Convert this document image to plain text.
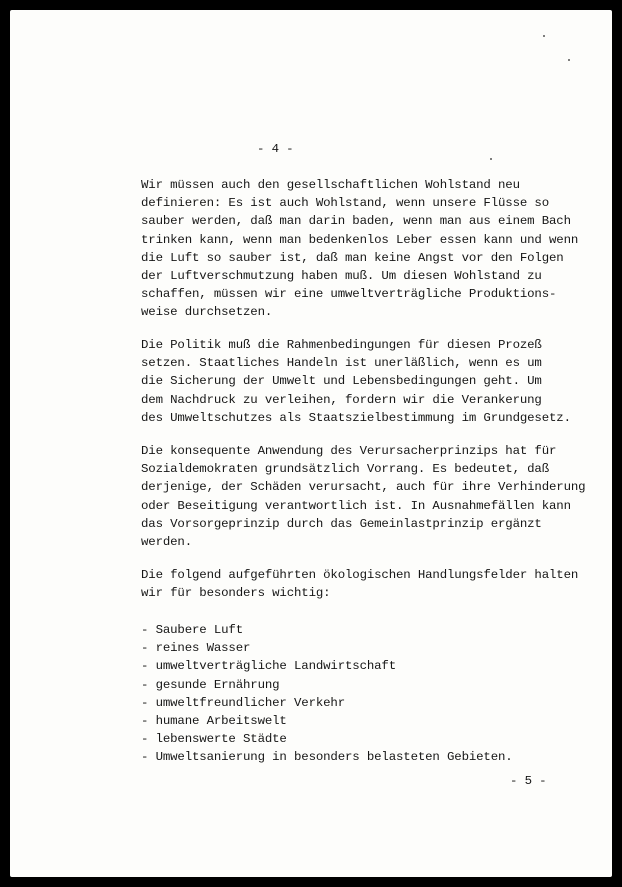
- 4 -

Wir müssen auch den gesellschaftlichen Wohlstand neu
definieren: Es ist auch Wohlstand, wenn unsere Flüsse so
sauber werden, daß man darin baden, wenn man aus einem Bach
trinken kann, wenn man bedenkenlos Leber essen kann und wenn
die Luft so sauber ist, daß man keine Angst vor den Folgen
der Luftverschmutzung haben muß. Um diesen Wohlstand zu
schaffen, müssen wir eine umweltverträgliche Produktions-
weise durchsetzen.

Die Politik muß die Rahmenbedingungen für diesen Prozeß
setzen. Staatliches Handeln ist unerläßlich, wenn es um
die Sicherung der Umwelt und Lebensbedingungen geht. Um
dem Nachdruck zu verleihen, fordern wir die Verankerung
des Umweltschutzes als Staatszielbestimmung im Grundgesetz.

Die konsequente Anwendung des Verursacherprinzips hat für
Sozialdemokraten grundsätzlich Vorrang. Es bedeutet, daß
derjenige, der Schäden verursacht, auch für ihre Verhinderung
oder Beseitigung verantwortlich ist. In Ausnahmefällen kann
das Vorsorgeprinzip durch das Gemeinlastprinzip ergänzt
werden.

Die folgend aufgeführten ökologischen Handlungsfelder halten
wir für besonders wichtig:

- Saubere Luft
- reines Wasser
- umweltverträgliche Landwirtschaft
- gesunde Ernährung
- umweltfreundlicher Verkehr
- humane Arbeitswelt
- lebenswerte Städte
- Umweltsanierung in besonders belasteten Gebieten.
- 5 -
